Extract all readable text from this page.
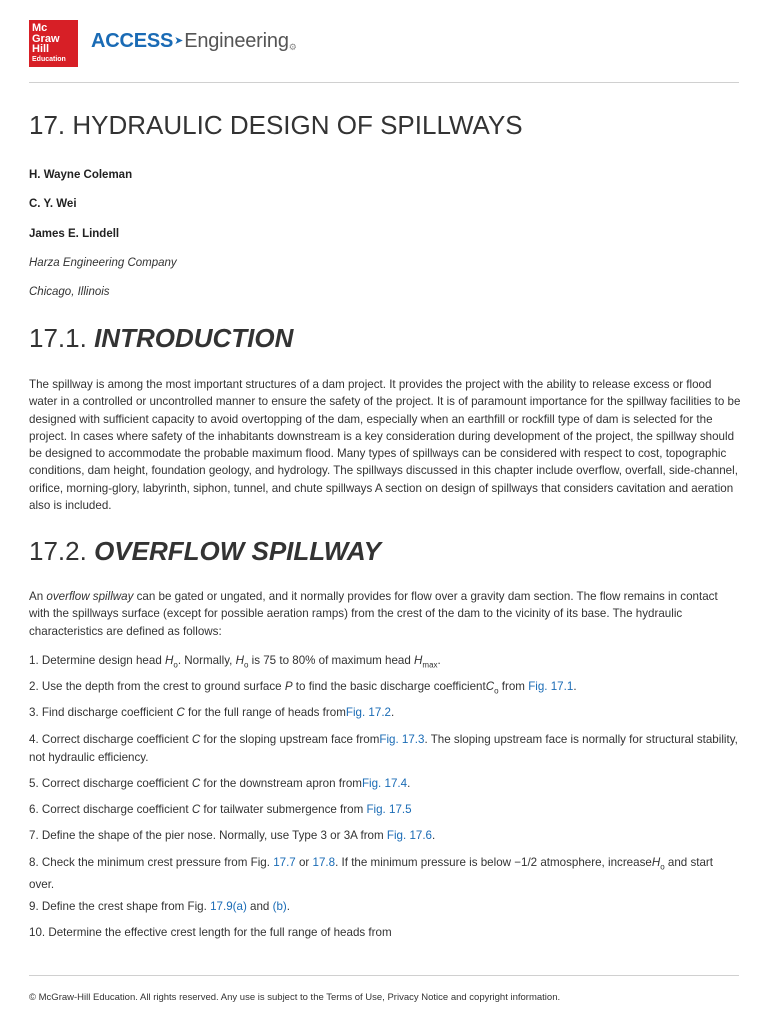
Mc
Graw
Hill

Education
ACCESS➤Engineering⚙
17. HYDRAULIC DESIGN OF SPILLWAYS

H. Wayne Coleman

C. Y. Wei

James E. Lindell

Harza Engineering Company

Chicago, Illinois

17.1. INTRODUCTION

The spillway is among the most important structures of a dam project. It provides the project with the ability to release excess or flood water in a controlled or uncontrolled manner to ensure the safety of the project. It is of paramount importance for the spillway facilities to be designed with sufficient capacity to avoid overtopping of the dam, especially when an earthfill or rockfill type of dam is selected for the project. In cases where safety of the inhabitants downstream is a key consideration during development of the project, the spillway should be designed to accommodate the probable maximum flood. Many types of spillways can be considered with respect to cost, topographic conditions, dam height, foundation geology, and hydrology. The spillways discussed in this chapter include overflow, overfall, side-channel, orifice, morning-glory, labyrinth, siphon, tunnel, and chute spillways A section on design of spillways that considers cavitation and aeration also is included.

17.2. OVERFLOW SPILLWAY

An overflow spillway can be gated or ungated, and it normally provides for flow over a gravity dam section. The flow remains in contact with the spillways surface (except for possible aeration ramps) from the crest of the dam to the vicinity of its base. The hydraulic characteristics are defined as follows:

1. Determine design head $H_o$. Normally, $H_o$ is 75 to 80% of maximum head $H_{max}$.

2. Use the depth from the crest to ground surface P to find the basic discharge coefficientC$_o$ from Fig. 17.1.

3. Find discharge coefficient C for the full range of heads fromFig. 17.2.

4. Correct discharge coefficient C for the sloping upstream face fromFig. 17.3. The sloping upstream face is normally for structural stability, not hydraulic efficiency.

5. Correct discharge coefficient C for the downstream apron fromFig. 17.4.

6. Correct discharge coefficient C for tailwater submergence from Fig. 17.5

7. Define the shape of the pier nose. Normally, use Type 3 or 3A from Fig. 17.6.

8. Check the minimum crest pressure from Fig. 17.7 or 17.8. If the minimum pressure is below −1/2 atmosphere, increaseH$_o$ and start over.

9. Define the crest shape from Fig. 17.9(a) and (b).

10. Determine the effective crest length for the full range of heads from

© McGraw-Hill Education. All rights reserved. Any use is subject to the Terms of Use, Privacy Notice and copyright information.
